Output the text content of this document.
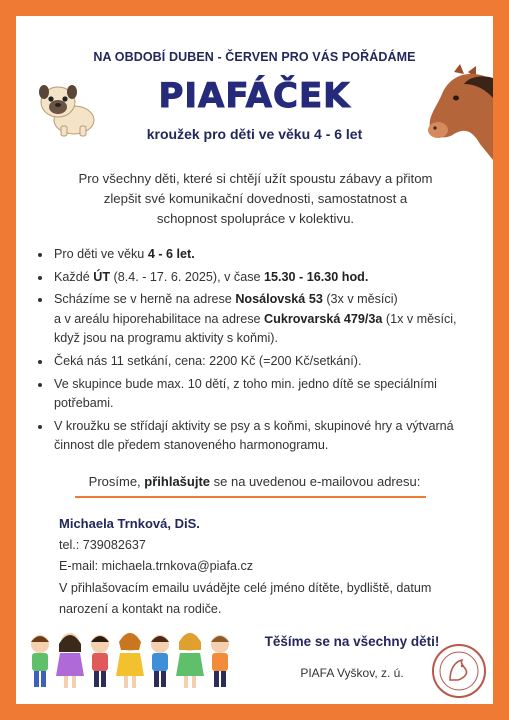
NA OBDOBÍ DUBEN - ČERVEN PRO VÁS POŘÁDÁME
PIAFÁČEK
kroužek pro děti ve věku 4 - 6 let
Pro všechny děti, které si chtějí užít spoustu zábavy a přitom
zlepšit své komunikační dovednosti, samostatnost a
schopnost spolupráce v kolektivu.
• Pro děti ve věku 4 - 6 let.
• Každé ÚT (8.4. - 17. 6. 2025), v čase 15.30 - 16.30 hod.
• Scházíme se v herně na adrese Nosálovská 53 (3x v měsíci)
a v areálu hiporehabilitace na adrese Cukrovarská 479/3a (1x v měsíci,
když jsou na programu aktivity s koňmi).
• Čeká nás 11 setkání, cena: 2200 Kč (=200 Kč/setkání).
• Ve skupince bude max. 10 dětí, z toho min. jedno dítě se speciálními potřebami.
• V kroužku se střídají aktivity se psy a s koňmi, skupinové hry a výtvarná činnost dle předem stanoveného harmonogramu.
Prosíme, přihlašujte se na uvedenou e-mailovou adresu:
Michaela Trnková, DiS.
tel.: 739082637
E-mail: michaela.trnkova@piafa.cz
V přihlašovacím emailu uvádějte celé jméno dítěte, bydliště, datum
narození a kontakt na rodiče.
Těšíme se na všechny děti!
PIAFA Vyškov, z. ú.
